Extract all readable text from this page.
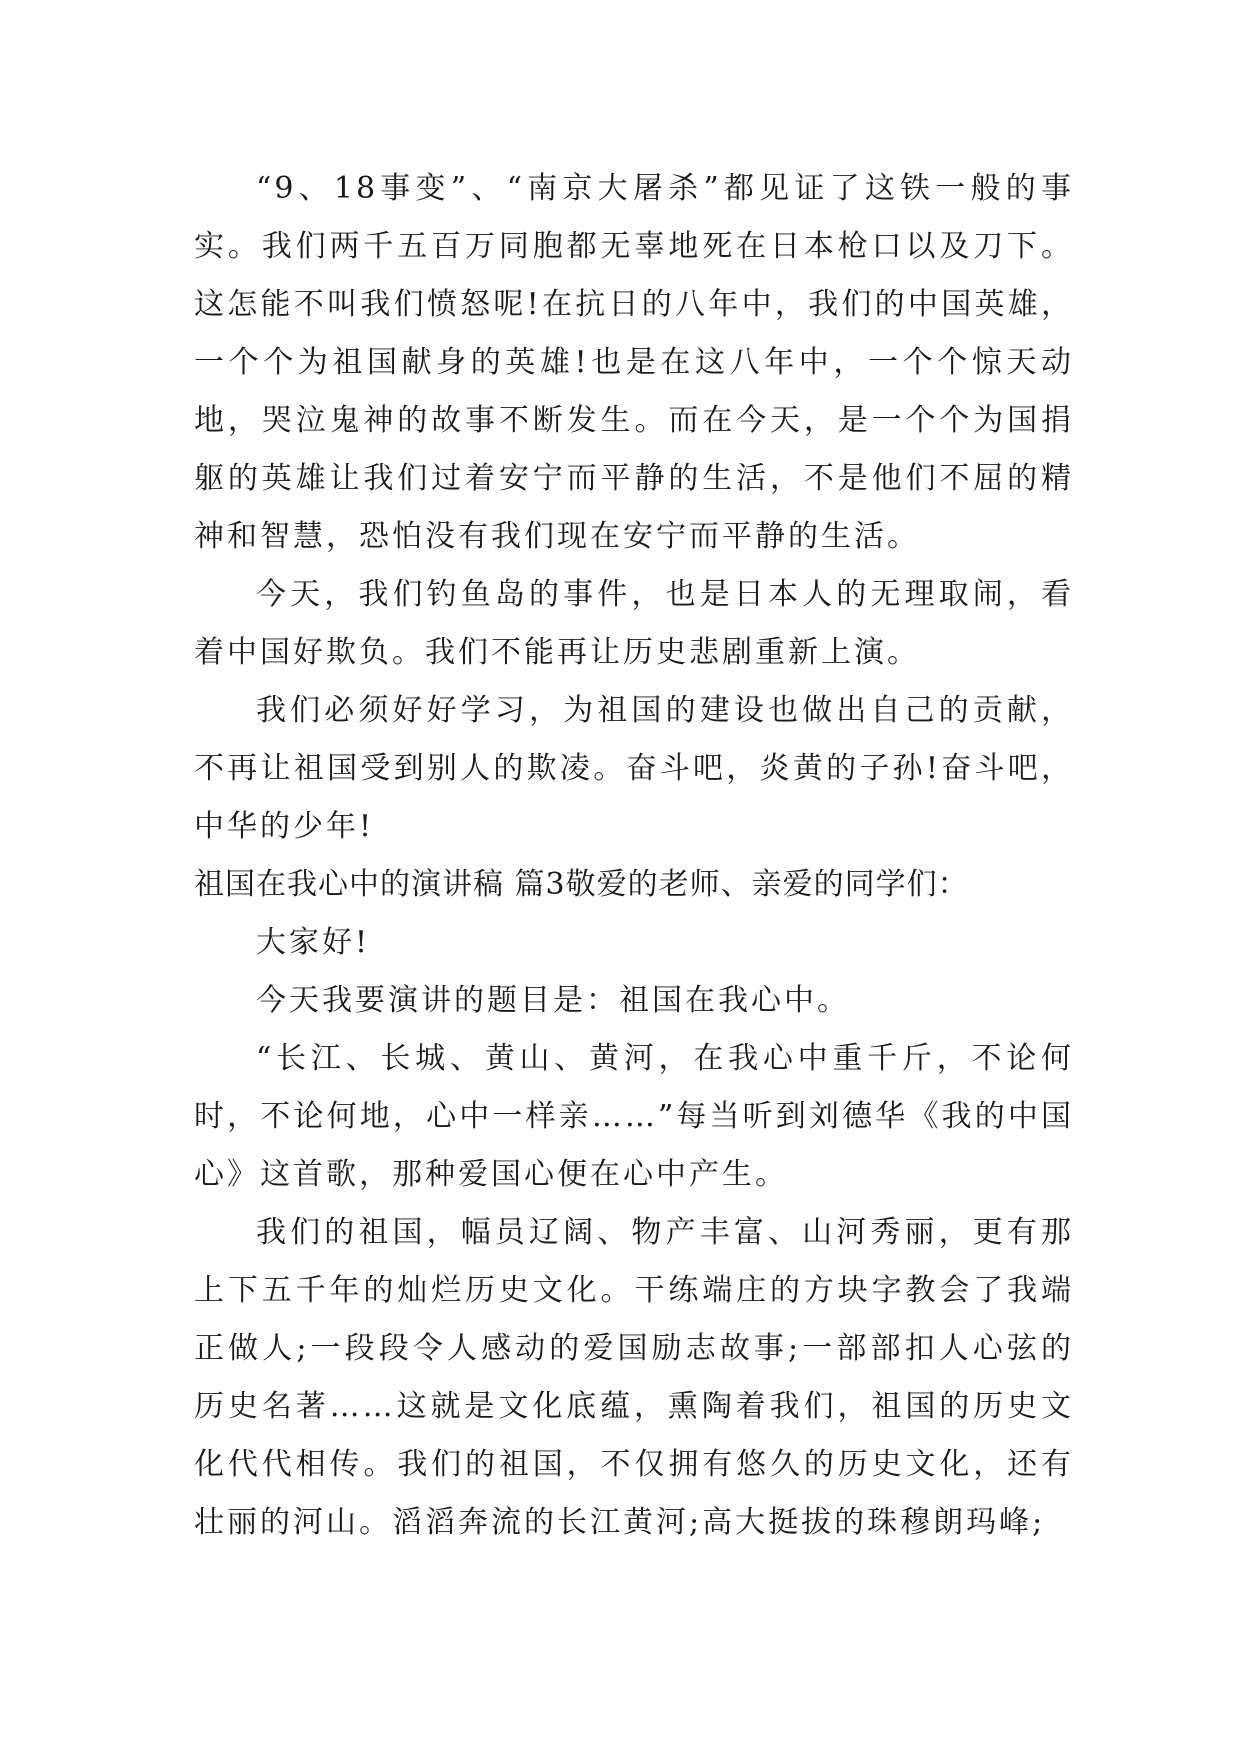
“9、18事变”、“南京大屠杀”都见证了这铁一般的事实。我们两千五百万同胞都无辜地死在日本枪口以及刀下。这怎能不叫我们愤怒呢!在抗日的八年中，我们的中国英雄，一个个为祖国献身的英雄!也是在这八年中，一个个惊天动地，哭泣鬼神的故事不断发生。而在今天，是一个个为国捐躯的英雄让我们过着安宁而平静的生活，不是他们不屈的精神和智慧，恐怕没有我们现在安宁而平静的生活。

今天，我们钓鱼岛的事件，也是日本人的无理取闹，看着中国好欺负。我们不能再让历史悲剧重新上演。

我们必须好好学习，为祖国的建设也做出自己的贡献，不再让祖国受到别人的欺凌。奋斗吧，炎黄的子孙!奋斗吧，中华的少年!

祖国在我心中的演讲稿 篇3敬爱的老师、亲爱的同学们：

大家好!

今天我要演讲的题目是：祖国在我心中。

“长江、长城、黄山、黄河，在我心中重千斤，不论何时，不论何地，心中一样亲……”每当听到刘德华《我的中国心》这首歌，那种爱国心便在心中产生。

我们的祖国，幅员辽阔、物产丰富、山河秀丽，更有那上下五千年的灿烂历史文化。干练端庄的方块字教会了我端正做人;一段段令人感动的爱国励志故事;一部部扣人心弦的历史名著……这就是文化底蕴，熏陶着我们，祖国的历史文化代代相传。我们的祖国，不仅拥有悠久的历史文化，还有壮丽的河山。滔滔奔流的长江黄河;高大挺拔的珠穆朗玛峰;
